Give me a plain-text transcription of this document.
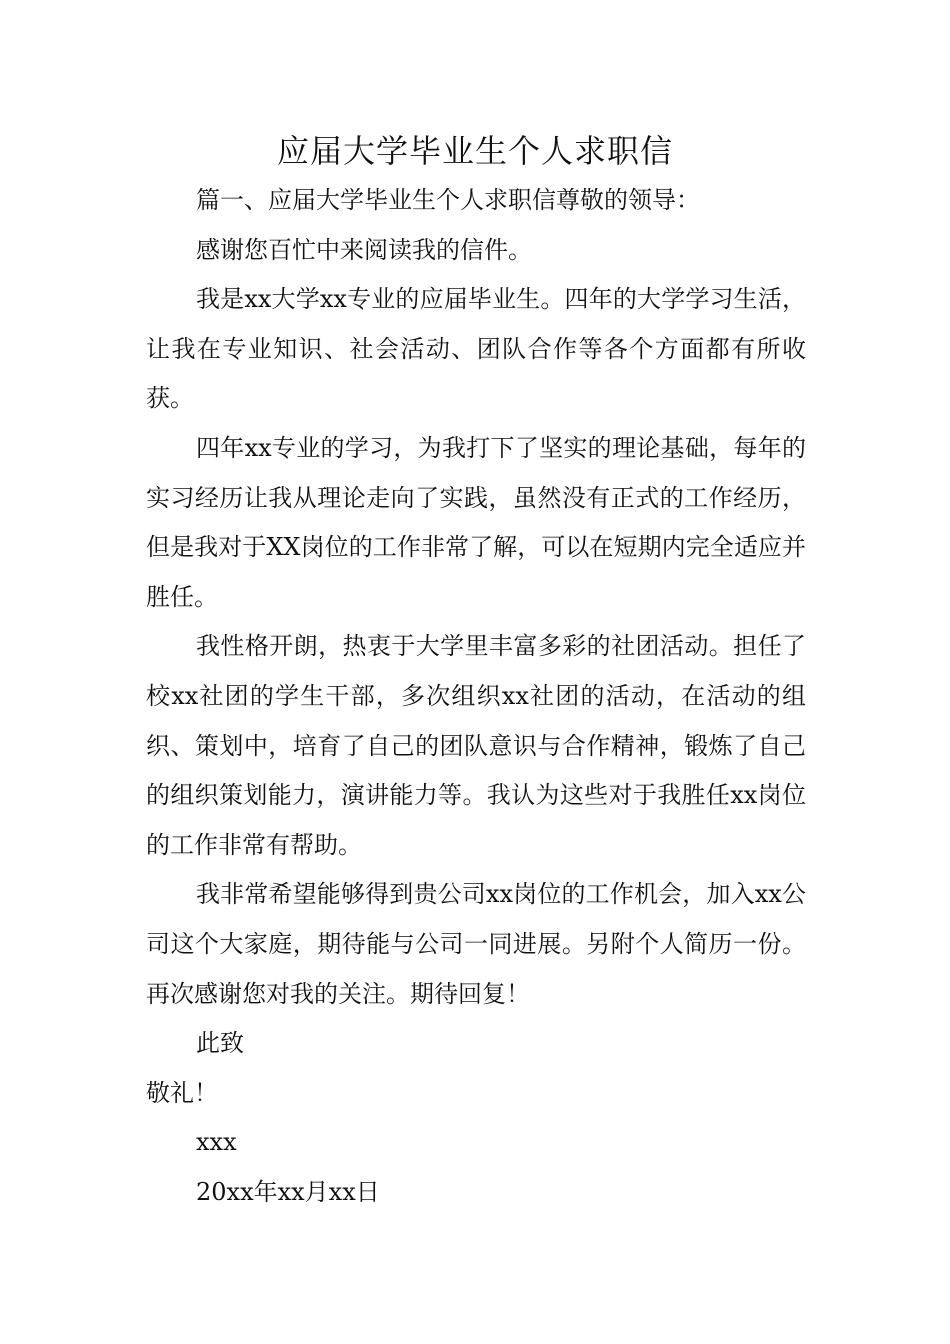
应届大学毕业生个人求职信

篇一、应届大学毕业生个人求职信尊敬的领导：

感谢您百忙中来阅读我的信件。

我是xx大学xx专业的应届毕业生。四年的大学学习生活，让我在专业知识、社会活动、团队合作等各个方面都有所收获。

四年xx专业的学习，为我打下了坚实的理论基础，每年的实习经历让我从理论走向了实践，虽然没有正式的工作经历，但是我对于XX岗位的工作非常了解，可以在短期内完全适应并胜任。

我性格开朗，热衷于大学里丰富多彩的社团活动。担任了校xx社团的学生干部，多次组织xx社团的活动，在活动的组织、策划中，培育了自己的团队意识与合作精神，锻炼了自己的组织策划能力，演讲能力等。我认为这些对于我胜任xx岗位的工作非常有帮助。

我非常希望能够得到贵公司xx岗位的工作机会，加入xx公司这个大家庭，期待能与公司一同进展。另附个人简历一份。再次感谢您对我的关注。期待回复！

此致

敬礼！

xxx

20xx年xx月xx日
